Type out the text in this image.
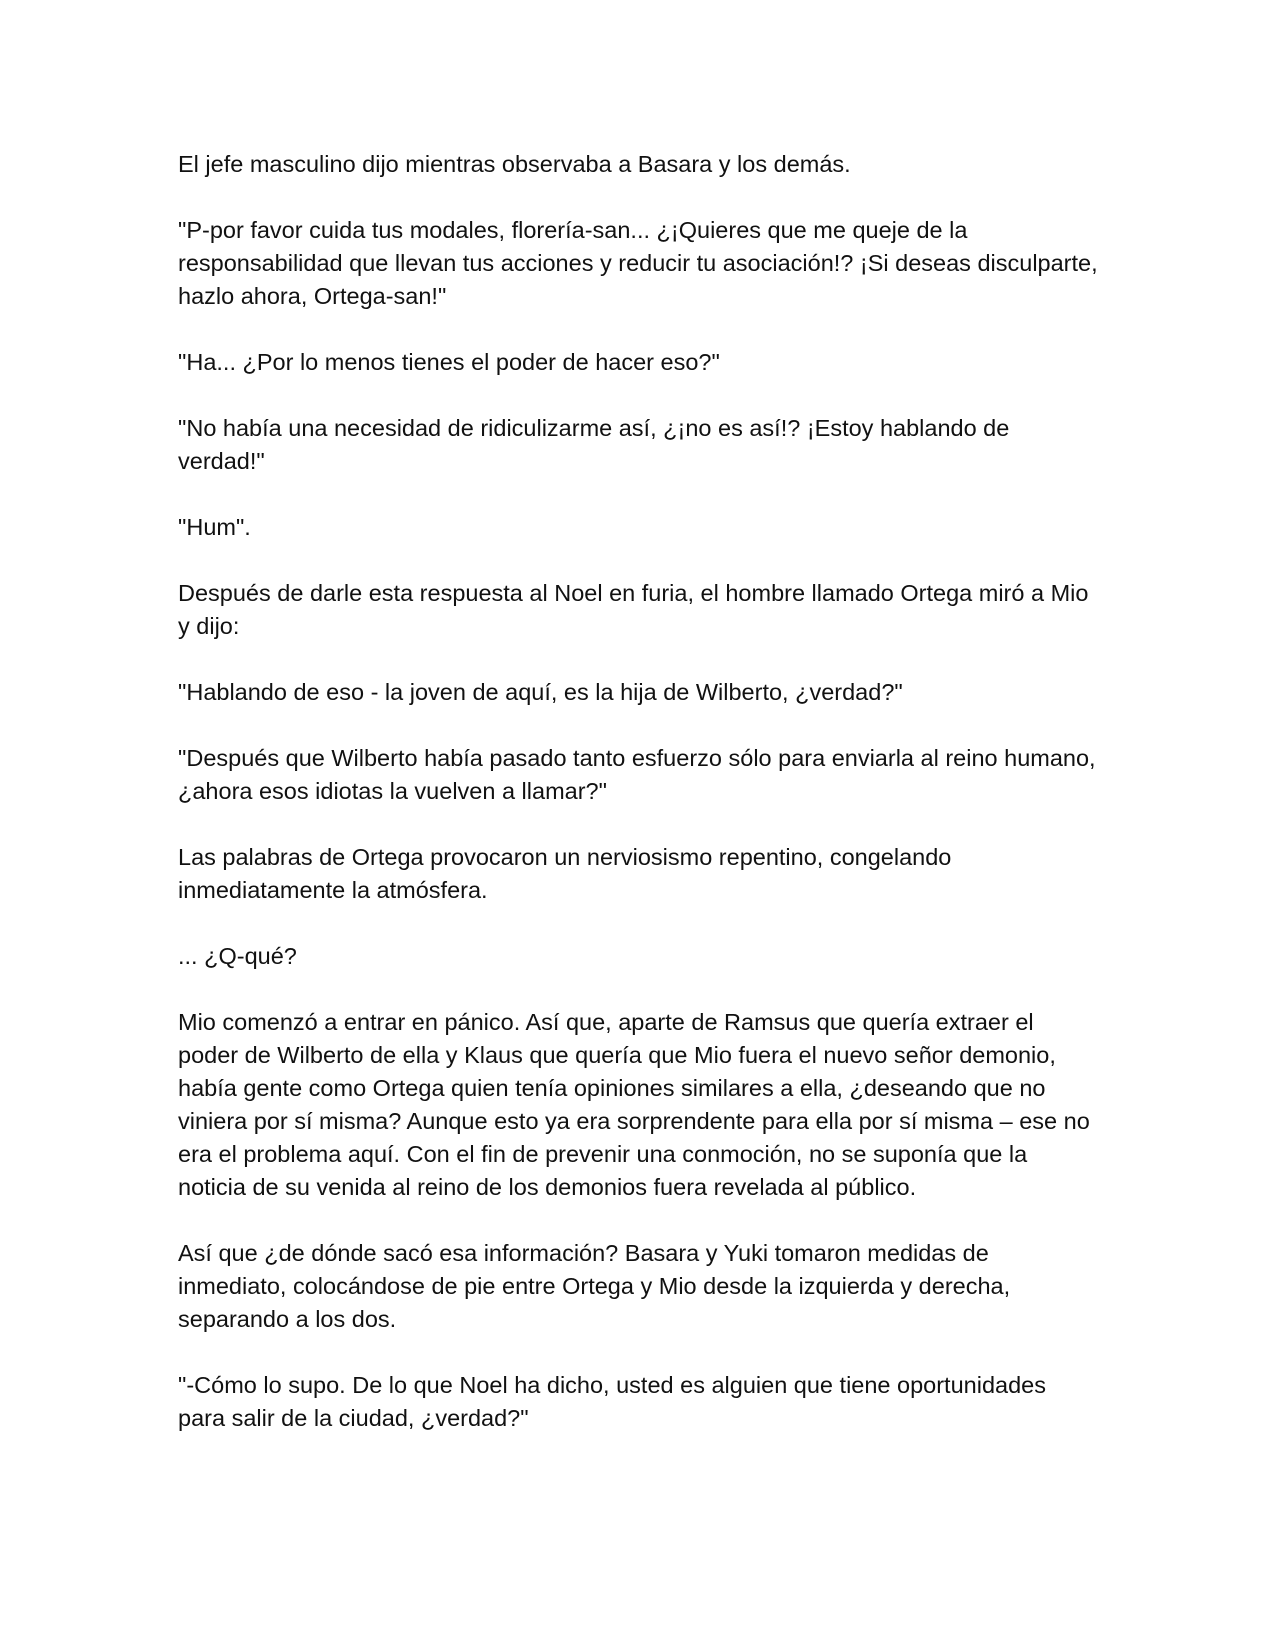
El jefe masculino dijo mientras observaba a Basara y los demás.

"P-por favor cuida tus modales, florería-san... ¿¡Quieres que me queje de la responsabilidad que llevan tus acciones y reducir tu asociación!? ¡Si deseas disculparte, hazlo ahora, Ortega-san!"

"Ha... ¿Por lo menos tienes el poder de hacer eso?"

"No había una necesidad de ridiculizarme así, ¿¡no es así!? ¡Estoy hablando de verdad!"

"Hum".

Después de darle esta respuesta al Noel en furia, el hombre llamado Ortega miró a Mio y dijo:

"Hablando de eso - la joven de aquí, es la hija de Wilberto, ¿verdad?"

"Después que Wilberto había pasado tanto esfuerzo sólo para enviarla al reino humano, ¿ahora esos idiotas la vuelven a llamar?"

Las palabras de Ortega provocaron un nerviosismo repentino, congelando inmediatamente la atmósfera.

... ¿Q-qué?

Mio comenzó a entrar en pánico. Así que, aparte de Ramsus que quería extraer el poder de Wilberto de ella y Klaus que quería que Mio fuera el nuevo señor demonio, había gente como Ortega quien tenía opiniones similares a ella, ¿deseando que no viniera por sí misma? Aunque esto ya era sorprendente para ella por sí misma – ese no era el problema aquí. Con el fin de prevenir una conmoción, no se suponía que la noticia de su venida al reino de los demonios fuera revelada al público.

Así que ¿de dónde sacó esa información? Basara y Yuki tomaron medidas de inmediato, colocándose de pie entre Ortega y Mio desde la izquierda y derecha, separando a los dos.

"-Cómo lo supo. De lo que Noel ha dicho, usted es alguien que tiene oportunidades para salir de la ciudad, ¿verdad?"
